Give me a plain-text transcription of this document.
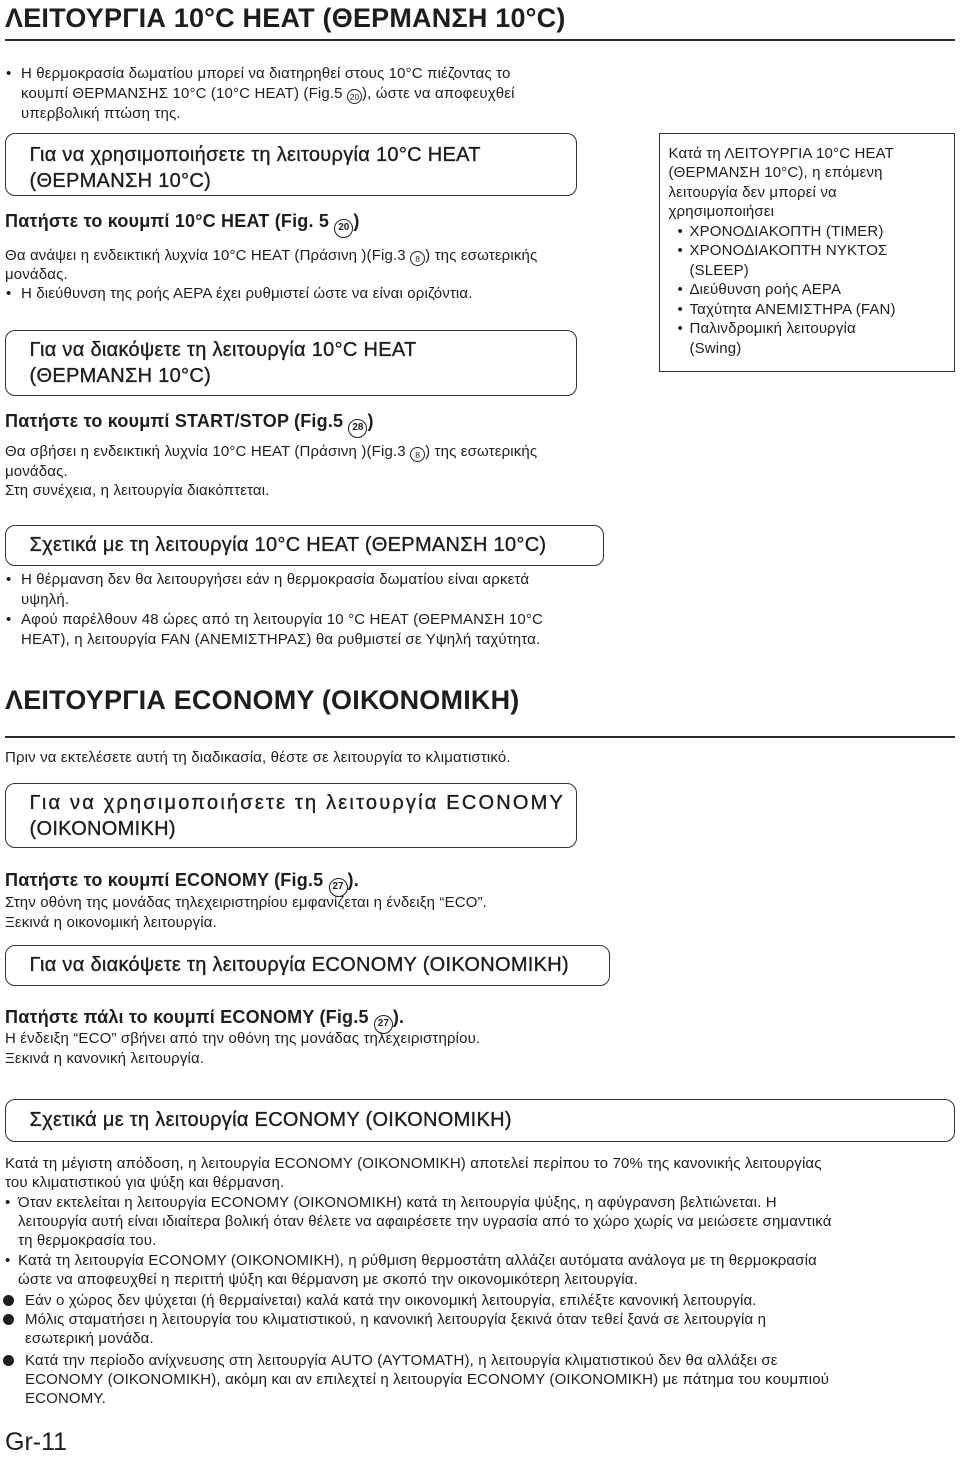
ΛΕΙΤΟΥΡΓΙΑ 10°C HEAT (ΘΕΡΜΑΝΣΗ 10°C)
• Η θερμοκρασία δωματίου μπορεί να διατηρηθεί στους 10°C πιέζοντας το
κουμπί ΘΕΡΜΑΝΣΗΣ 10°C (10°C HEAT) (Fig.5 20 ), ώστε να αποφευχθεί
υπερβολική πτώση της.
Για να χρησιμοποιήσετε τη λειτουργία 10°C HEAT
(ΘΕΡΜΑΝΣΗ 10°C)
Πατήστε το κουμπί 10°C HEAT (Fig. 5 20 )
Θα ανάψει η ενδεικτική λυχνία 10°C HEAT (Πράσινη )(Fig.3 8 ) της εσωτερικής
μονάδας.
• Η διεύθυνση της ροής ΑΕΡΑ έχει ρυθμιστεί ώστε να είναι οριζόντια.
Για να διακόψετε τη λειτουργία 10°C HEAT
(ΘΕΡΜΑΝΣΗ 10°C)
Πατήστε το κουμπί START/STOP (Fig.5 28 )
Θα σβήσει η ενδεικτική λυχνία 10°C HEAT (Πράσινη )(Fig.3 8 ) της εσωτερικής
μονάδας.
Στη συνέχεια, η λειτουργία διακόπτεται.
Κατά τη ΛΕΙΤΟΥΡΓΙΑ 10°C HEAT
(ΘΕΡΜΑΝΣΗ 10°C), η επόμενη
λειτουργία δεν μπορεί να
χρησιμοποιήσει
• ΧΡΟΝΟΔΙΑΚΟΠΤΗ (TIMER)
• ΧΡΟΝΟΔΙΑΚΟΠΤΗ ΝΥΚΤΟΣ
(SLEEP)
• Διεύθυνση ροής ΑΕΡΑ
• Ταχύτητα ΑΝΕΜΙΣΤΗΡΑ (FAN)
• Παλινδρομική λειτουργία
(Swing)
Σχετικά με τη λειτουργία 10°C HEAT (ΘΕΡΜΑΝΣΗ 10°C)
• Η θέρμανση δεν θα λειτουργήσει εάν η θερμοκρασία δωματίου είναι αρκετά
υψηλή.
• Αφού παρέλθουν 48 ώρες από τη λειτουργία 10 °C HEAT (ΘΕΡΜΑΝΣΗ 10°C
HEAT), η λειτουργία FAN (ΑΝΕΜΙΣΤΗΡΑΣ) θα ρυθμιστεί σε Υψηλή ταχύτητα.
ΛΕΙΤΟΥΡΓΙΑ ECONOMY (ΟΙΚΟΝΟΜΙΚΗ)
Πριν να εκτελέσετε αυτή τη διαδικασία, θέστε σε λειτουργία το κλιματιστικό.
Για να χρησιμοποιήσετε τη λειτουργία ECONOMY
(ΟΙΚΟΝΟΜΙΚΗ)
Πατήστε το κουμπί ECONOMY (Fig.5 27 ).
Στην οθόνη της μονάδας τηλεχειριστηρίου εμφανίζεται η ένδειξη “ECO”.
Ξεκινά η οικονομική λειτουργία.
Για να διακόψετε τη λειτουργία ECONOMY (ΟΙΚΟΝΟΜΙΚΗ)
Πατήστε πάλι το κουμπί ECONOMY (Fig.5 27 ).
Η ένδειξη “ECO” σβήνει από την οθόνη της μονάδας τηλεχειριστηρίου.
Ξεκινά η κανονική λειτουργία.
Σχετικά με τη λειτουργία ECONOMY (ΟΙΚΟΝΟΜΙΚΗ)
Κατά τη μέγιστη απόδοση, η λειτουργία ECONOMY (ΟΙΚΟΝΟΜΙΚΗ) αποτελεί περίπου το 70% της κανονικής λειτουργίας
του κλιματιστικού για ψύξη και θέρμανση.
• Όταν εκτελείται η λειτουργία ECONOMY (ΟΙΚΟΝΟΜΙΚΗ) κατά τη λειτουργία ψύξης, η αφύγρανση βελτιώνεται. Η
λειτουργία αυτή είναι ιδιαίτερα βολική όταν θέλετε να αφαιρέσετε την υγρασία από το χώρο χωρίς να μειώσετε σημαντικά
τη θερμοκρασία του.
• Κατά τη λειτουργία ECONOMY (ΟΙΚΟΝΟΜΙΚΗ), η ρύθμιση θερμοστάτη αλλάζει αυτόματα ανάλογα με τη θερμοκρασία
ώστε να αποφευχθεί η περιττή ψύξη και θέρμανση με σκοπό την οικονομικότερη λειτουργία.
Εάν ο χώρος δεν ψύχεται (ή θερμαίνεται) καλά κατά την οικονομική λειτουργία, επιλέξτε κανονική λειτουργία.
Μόλις σταματήσει η λειτουργία του κλιματιστικού, η κανονική λειτουργία ξεκινά όταν τεθεί ξανά σε λειτουργία η
εσωτερική μονάδα.
Κατά την περίοδο ανίχνευσης στη λειτουργία AUTO (ΑΥΤΟΜΑΤΗ), η λειτουργία κλιματιστικού δεν θα αλλάξει σε
ECONOMY (ΟΙΚΟΝΟΜΙΚΗ), ακόμη και αν επιλεχτεί η λειτουργία ECONOMY (ΟΙΚΟΝΟΜΙΚΗ) με πάτημα του κουμπιού
ECONOMY.
Gr-11
